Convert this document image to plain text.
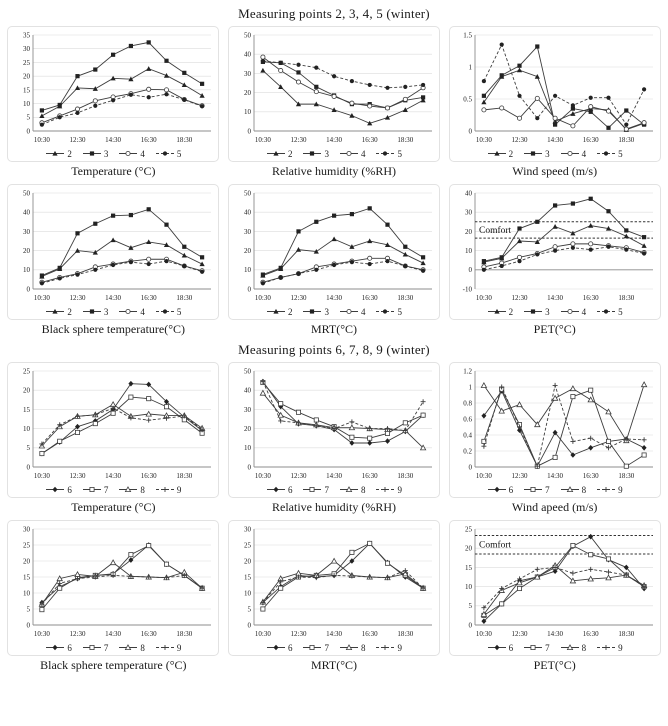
Measuring points 2, 3, 4, 5 (winter)
0
5
10
15
20
25
30
35
10:30	12:30	14:30	16:30	18:30
2	3	4	5
Temperature (°C)
0
10
20
30
40
50
10:30	12:30	14:30	16:30	18:30
2	3	4	5
Relative humidity (%RH)
0
0.5
1
1.5
10:30	12:30	14:30	16:30	18:30
2	3	4	5
Wind speed (m/s)
0
10
20
30
40
50
10:30	12:30	14:30	16:30	18:30
2	3	4	5
Black sphere temperature(°C)
0
10
20
30
40
50
10:30	12:30	14:30	16:30	18:30
2	3	4	5
MRT(°C)
-10
0
10
20
30
40
Comfort
10:30	12:30	14:30	16:30	18:30
2	3	4	5
PET(°C)
Measuring points 6, 7, 8, 9 (winter)
0
5
10
15
20
25
10:30	12:30	14:30	16:30	18:30
6	7	8	9
Temperature (°C)
0
10
20
30
40
50
10:30	12:30	14:30	16:30	18:30
6	7	8	9
Relative humidity (%RH)
0
0.2
0.4
0.6
0.8
1
1.2
10:30	12:30	14:30	16:30	18:30
6	7	8	9
Wind apeed (m/s)
0
5
10
15
20
25
30
10:30	12:30	14:30	16:30	18:30
6	7	8	9
Black sphere temperature (°C)
0
5
10
15
20
25
30
10:30	12:30	14:30	16:30	18:30
6	7	8	9
MRT(°C)
0
5
10
15
20
25
Comfort
10:30	12:30	14:30	16:30	18:30
6	7	8	9
PET(°C)
